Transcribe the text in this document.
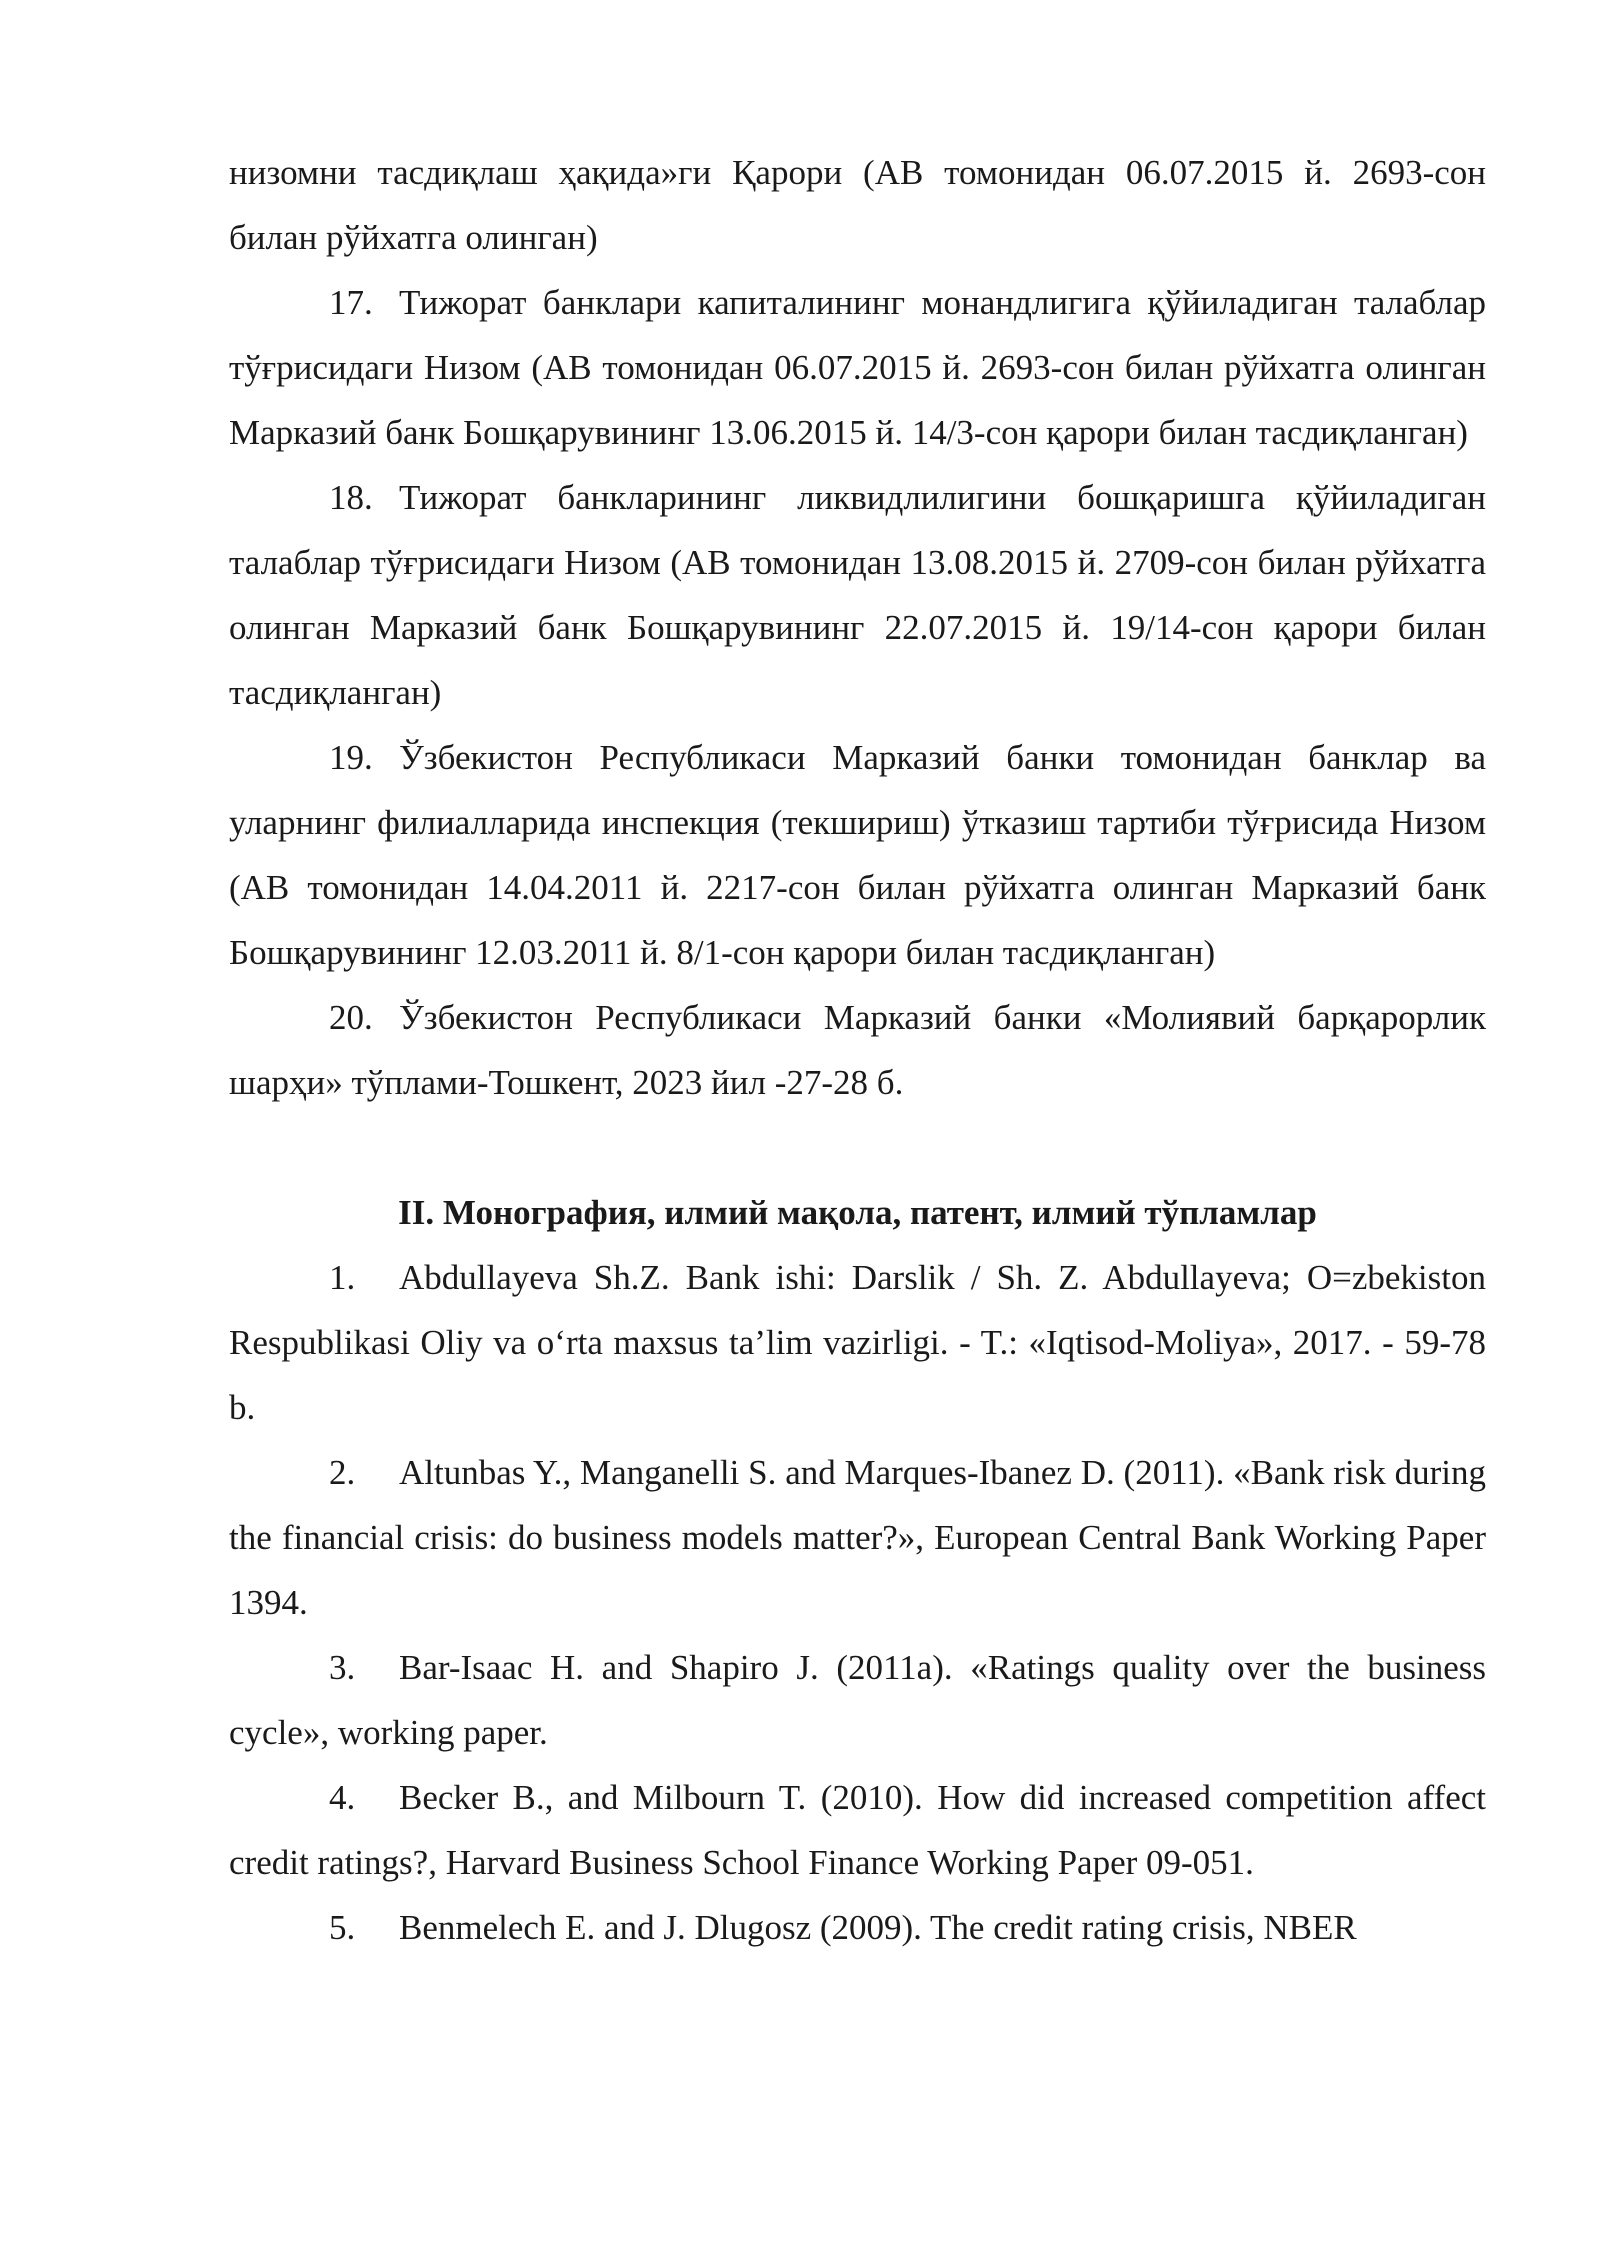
низомни тасдиқлаш ҳақида»ги Қарори (АВ томонидан 06.07.2015 й. 2693-сон билан рўйхатга олинган)

17. Тижорат банклари капиталининг монандлигига қўйиладиган талаблар тўғрисидаги Низом (АВ томонидан 06.07.2015 й. 2693-сон билан рўйхатга олинган Марказий банк Бошқарувининг 13.06.2015 й. 14/3-сон қарори билан тасдиқланган)

18. Тижорат банкларининг ликвидлилигини бошқаришга қўйиладиган талаблар тўғрисидаги Низом (АВ томонидан 13.08.2015 й. 2709-сон билан рўйхатга олинган Марказий банк Бошқарувининг 22.07.2015 й. 19/14-сон қарори билан тасдиқланган)

19. Ўзбекистон Республикаси Марказий банки томонидан банклар ва уларнинг филиалларида инспекция (текшириш) ўтказиш тартиби тўғрисида Низом (АВ томонидан 14.04.2011 й. 2217-сон билан рўйхатга олинган Марказий банк Бошқарувининг 12.03.2011 й. 8/1-сон қарори билан тасдиқланган)

20. Ўзбекистон Республикаси Марказий банки «Молиявий барқарорлик шарҳи» тўплами-Тошкент, 2023 йил -27-28 б.

II. Монография, илмий мақола, патент, илмий тўпламлар

1. Abdullayeva Sh.Z. Bank ishi: Darslik / Sh. Z. Abdullayeva; O=zbekiston Respublikasi Oliy va o‘rta maxsus ta’lim vazirligi. - T.: «Iqtisod-Moliya», 2017. - 59-78 b.

2. Altunbas Y., Manganelli S. and Marques-Ibanez D. (2011). «Bank risk during the financial crisis: do business models matter?», European Central Bank Working Paper 1394.

3. Bar-Isaac H. and Shapiro J. (2011a). «Ratings quality over the business cycle», working paper.

4. Becker B., and Milbourn T. (2010). How did increased competition affect credit ratings?, Harvard Business School Finance Working Paper 09-051.

5. Benmelech E. and J. Dlugosz (2009). The credit rating crisis, NBER
